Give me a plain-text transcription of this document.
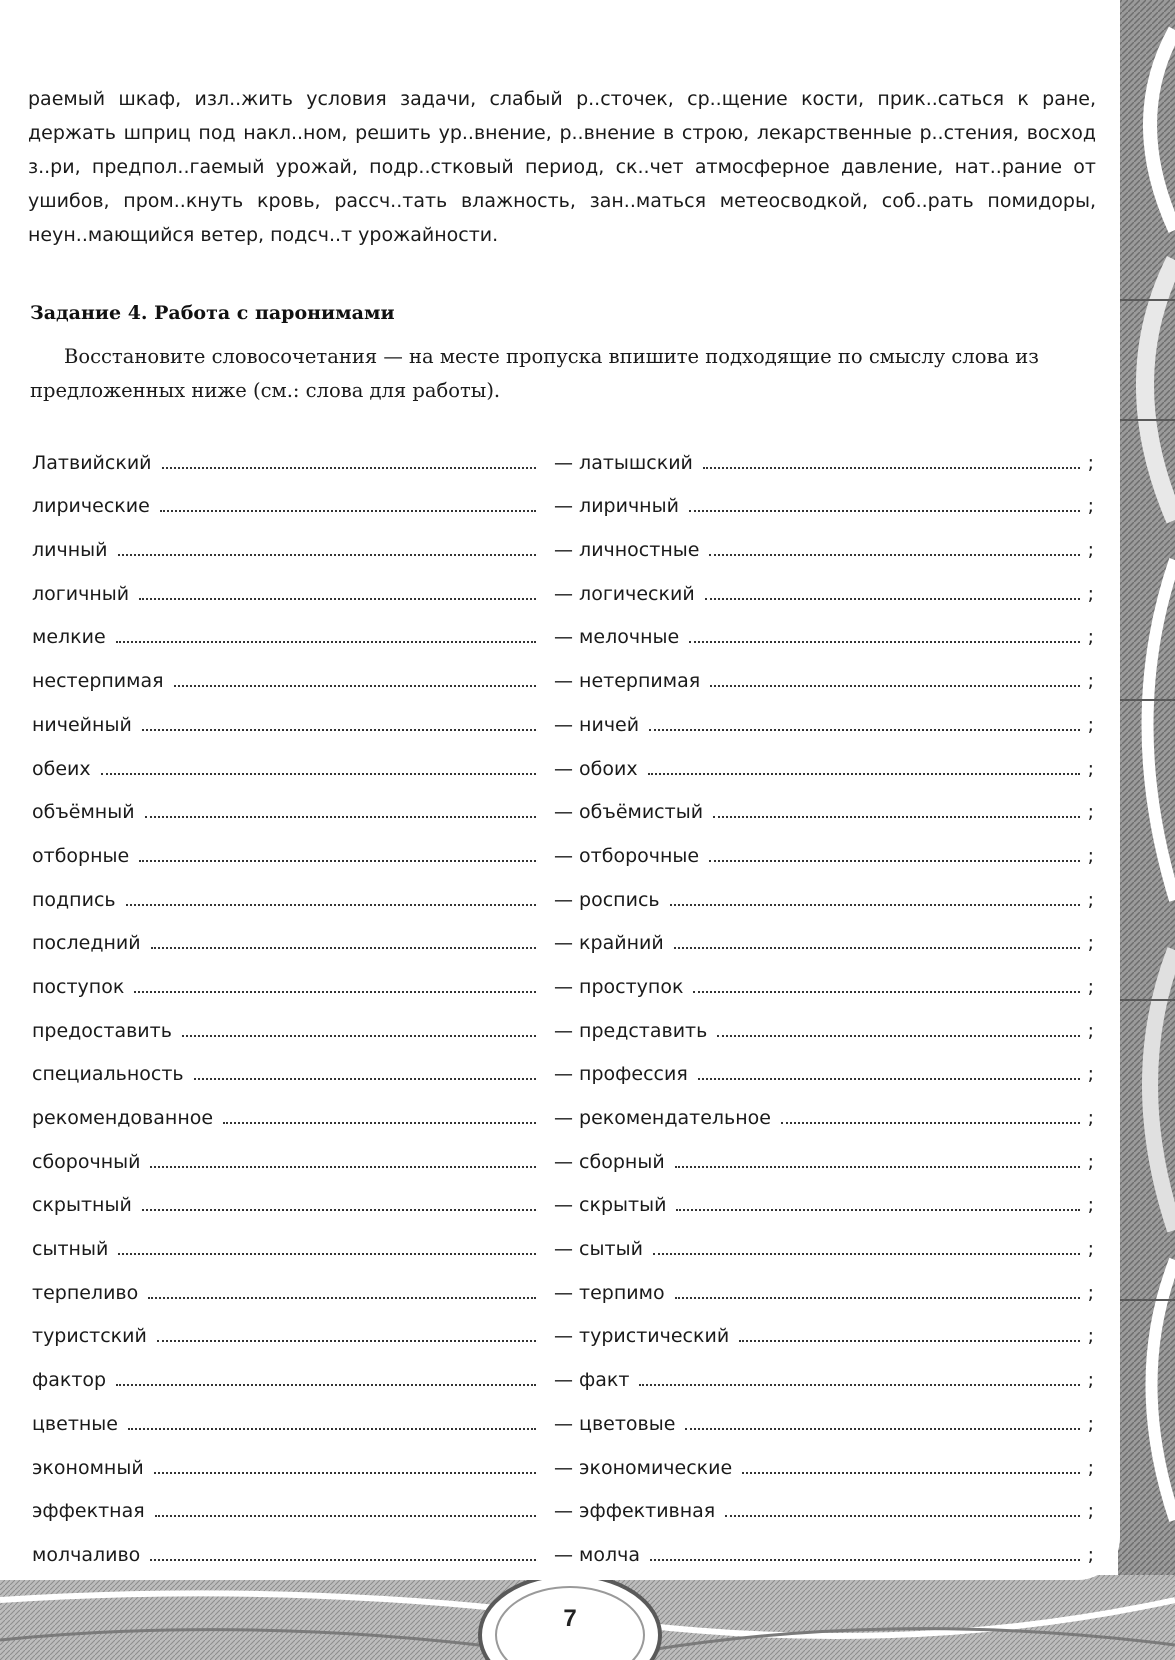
раемый шкаф, изл..жить условия задачи, слабый р..сточек, ср..щение кости, прик..саться к ране, держать шприц под накл..ном, решить ур..внение, р..внение в строю, лекарственные р..стения, восход з..ри, предпол..гаемый урожай, подр..стковый период, ск..чет атмосферное давление, нат..рание от ушибов, пром..кнуть кровь, рассч..тать влажность, зан..маться метеосводкой, соб..рать помидоры, неун..мающийся ветер, подсч..т урожайности.
Задание 4. Работа с паронимами
Восстановите словосочетания — на месте пропуска впишите подходящие по смыслу слова из предложенных ниже (см.: слова для работы).
Латвийский	— латышский	;
лирические	— лиричный	;
личный	— личностные	;
логичный	— логический	;
мелкие	— мелочные	;
нестерпимая	— нетерпимая	;
ничейный	— ничей	;
обеих	— обоих	;
объёмный	— объёмистый	;
отборные	— отборочные	;
подпись	— роспись	;
последний	— крайний	;
поступок	— проступок	;
предоставить	— представить	;
специальность	— профессия	;
рекомендованное	— рекомендательное	;
сборочный	— сборный	;
скрытный	— скрытый	;
сытный	— сытый	;
терпеливо	— терпимо	;
туристский	— туристический	;
фактор	— факт	;
цветные	— цветовые	;
экономный	— экономические	;
эффектная	— эффективная	;
молчаливо	— молча	;
7
